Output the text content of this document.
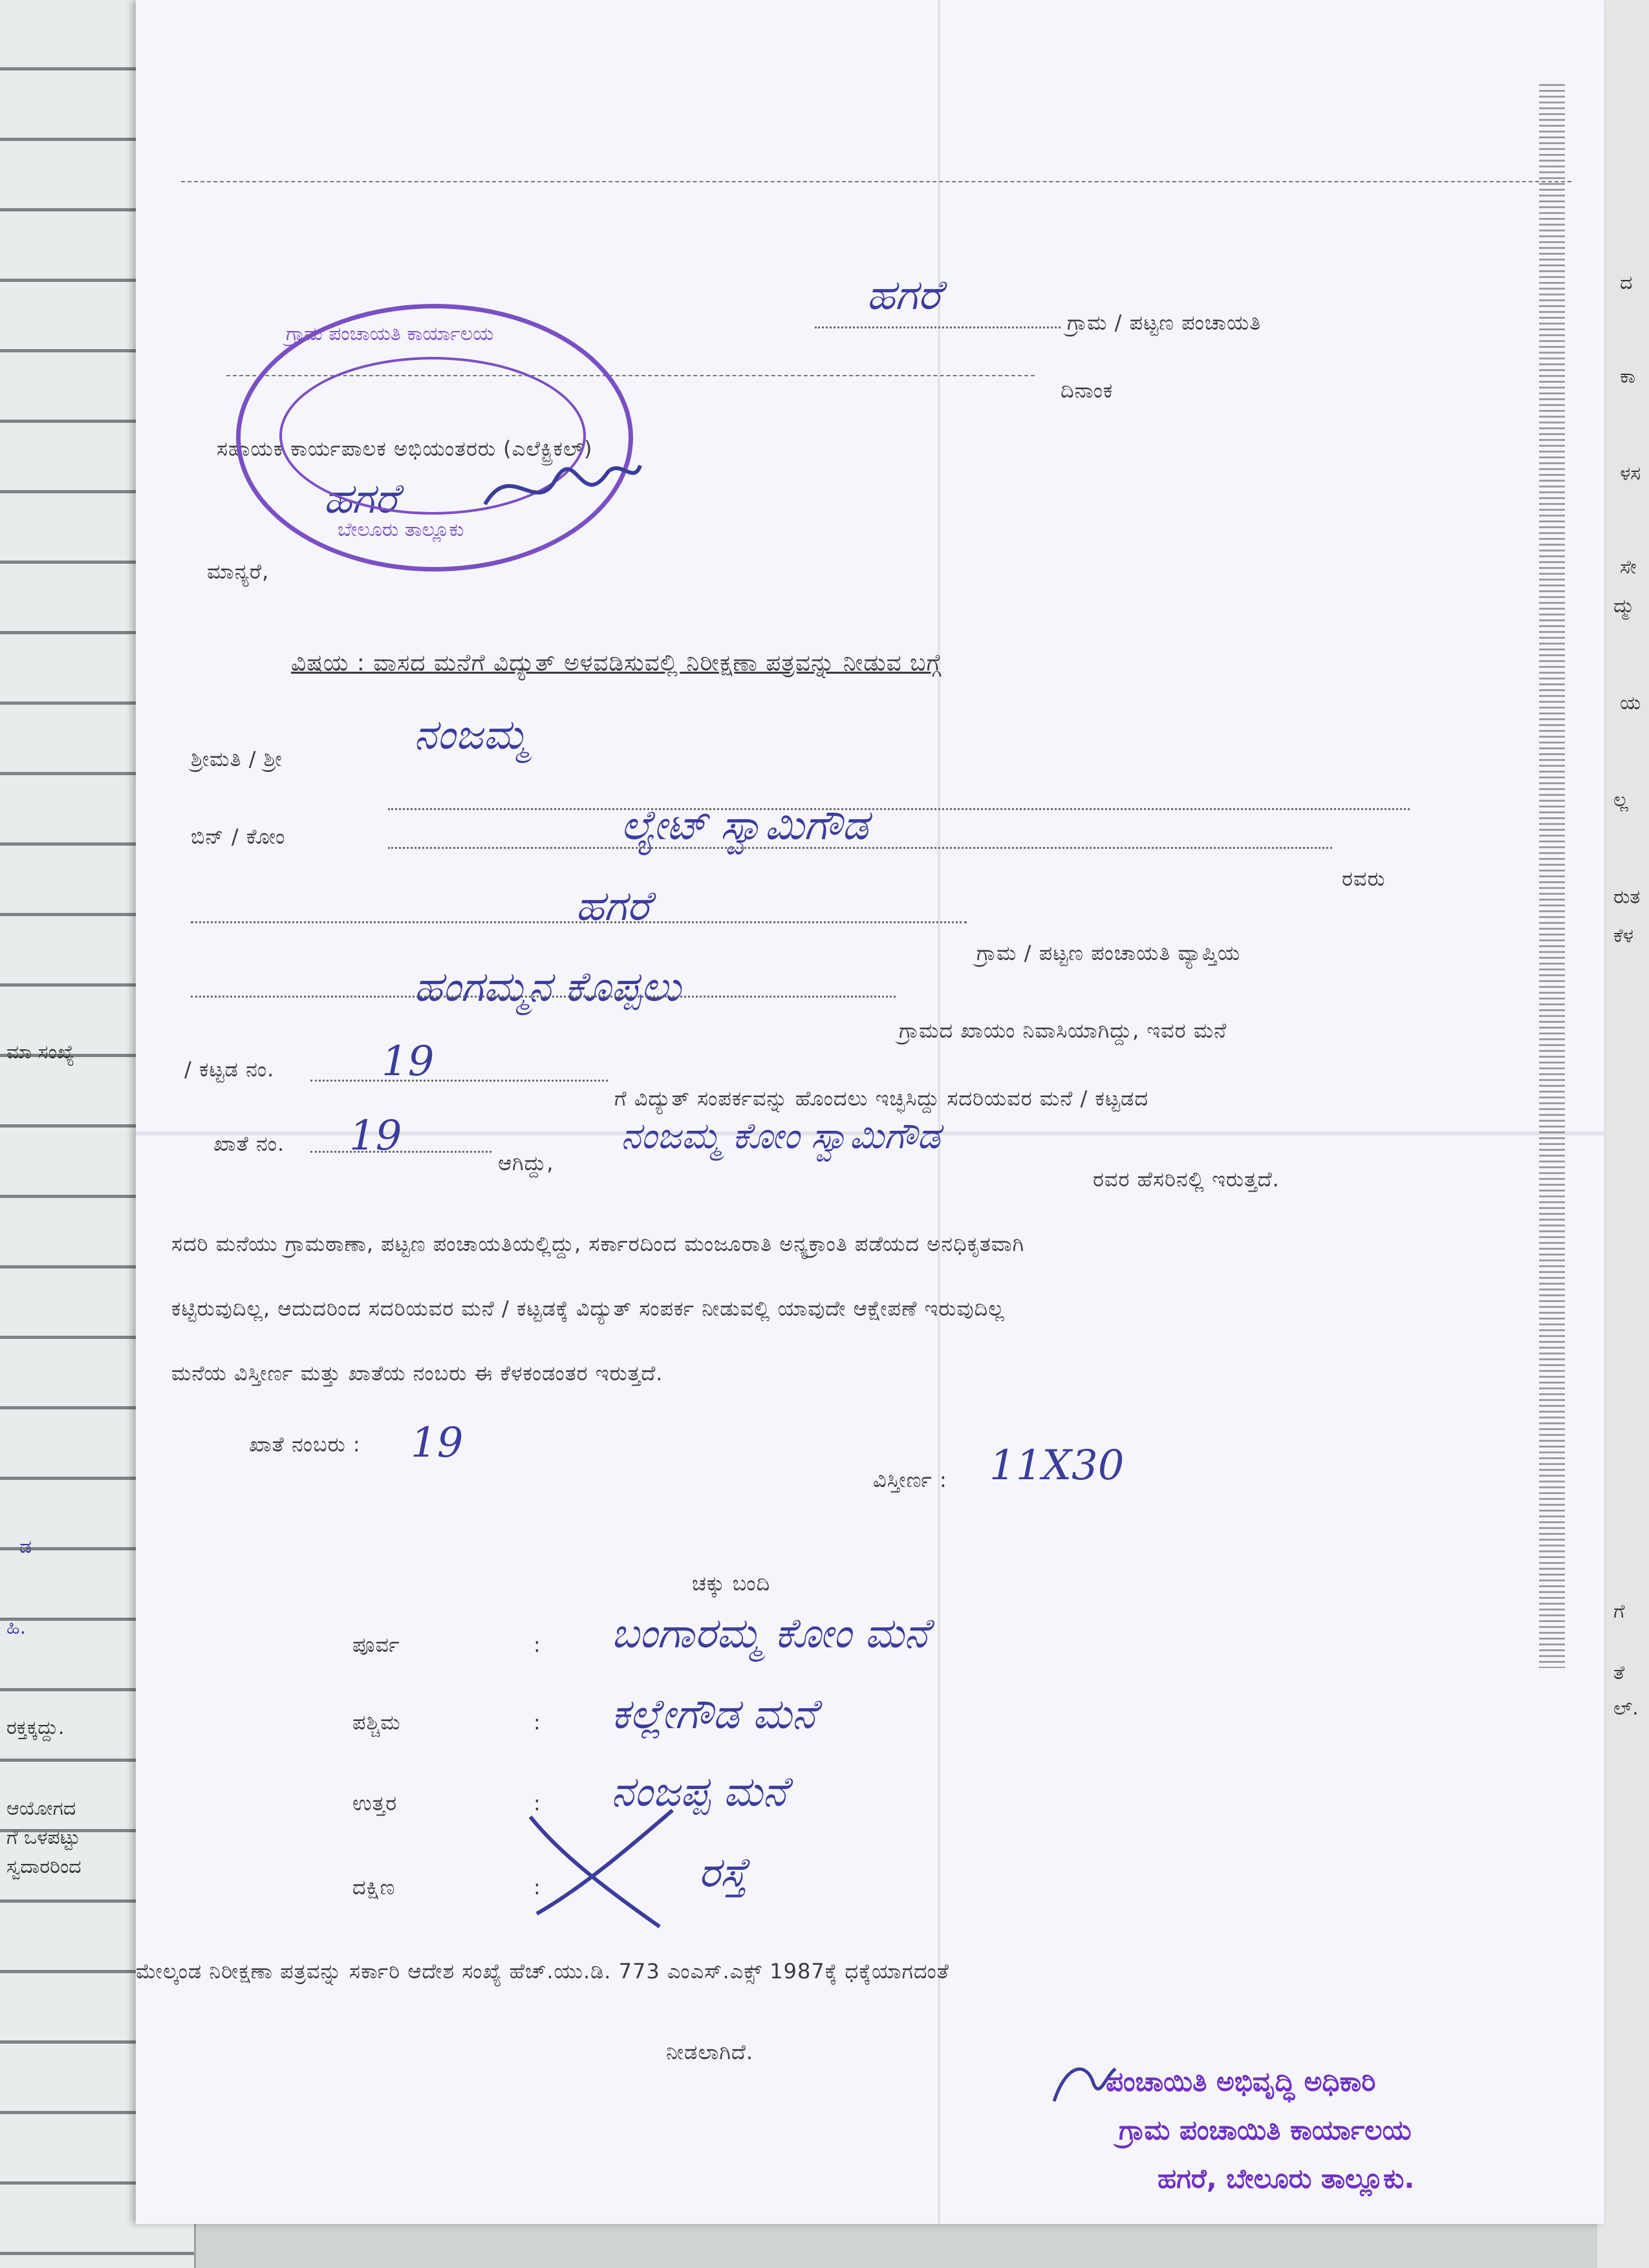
ಮಾ ಸಂಖ್ಯೆ
ರಕ್ತಕ್ಕದ್ದು.
ಆಯೋಗದ
ಗೆ ಒಳಪಟ್ಟು
ಸ್ವದಾರರಿಂದ
ಹಿ.
ಡ
ದ
ಕಾ
ಳಸ
ಸೇ
ದ್ಮು
ಯ
ಲ್ಲ
ರುತ
ಕೆಳ
ಗೆ
ತೆ
ಲ್.
ಹಗರೆ
ಗ್ರಾಮ / ಪಟ್ಟಣ ಪಂಚಾಯತಿ
ದಿನಾಂಕ
ಸಹಾಯಕ ಕಾರ್ಯಪಾಲಕ ಅಭಿಯಂತರರು (ಎಲೆಕ್ಟ್ರಿಕಲ್)
ಹಗರೆ
ಮಾನ್ಯರೆ,
ಗ್ರಾಮ ಪಂಚಾಯತಿ ಕಾರ್ಯಾಲಯ
ಬೇಲೂರು ತಾಲ್ಲೂಕು
ವಿಷಯ : ವಾಸದ ಮನೆಗೆ ವಿದ್ಯುತ್ ಅಳವಡಿಸುವಲ್ಲಿ ನಿರೀಕ್ಷಣಾ ಪತ್ರವನ್ನು ನೀಡುವ ಬಗ್ಗೆ
ಶ್ರೀಮತಿ / ಶ್ರೀ	ನಂಜಮ್ಮ
ಬಿನ್ / ಕೋಂ	ಲ್ಯೇಟ್ ಸ್ವಾಮಿಗೌಡ
ರವರು
ಹಗರೆ
ಗ್ರಾಮ / ಪಟ್ಟಣ ಪಂಚಾಯತಿ ವ್ಯಾಪ್ತಿಯ
ಹಂಗಮ್ಮನ ಕೊಪ್ಪಲು
ಗ್ರಾಮದ ಖಾಯಂ ನಿವಾಸಿಯಾಗಿದ್ದು, ಇವರ ಮನೆ
/ ಕಟ್ಟಡ ನಂ.	19
ಗೆ ವಿದ್ಯುತ್ ಸಂಪರ್ಕವನ್ನು ಹೊಂದಲು ಇಚ್ಛಿಸಿದ್ದು ಸದರಿಯವರ ಮನೆ / ಕಟ್ಟಡದ
ಖಾತೆ ನಂ. 19
ಆಗಿದ್ದು,
ನಂಜಮ್ಮ ಕೋಂ ಸ್ವಾಮಿಗೌಡ
ರವರ ಹೆಸರಿನಲ್ಲಿ ಇರುತ್ತದೆ.
ಸದರಿ ಮನೆಯು ಗ್ರಾಮಠಾಣಾ, ಪಟ್ಟಣ ಪಂಚಾಯತಿಯಲ್ಲಿದ್ದು, ಸರ್ಕಾರದಿಂದ ಮಂಜೂರಾತಿ ಅನ್ಯಕ್ರಾಂತಿ ಪಡೆಯದ ಅನಧಿಕೃತವಾಗಿ
ಕಟ್ಟಿರುವುದಿಲ್ಲ, ಆದುದರಿಂದ ಸದರಿಯವರ ಮನೆ / ಕಟ್ಟಡಕ್ಕೆ ವಿದ್ಯುತ್ ಸಂಪರ್ಕ ನೀಡುವಲ್ಲಿ ಯಾವುದೇ ಆಕ್ಷೇಪಣೆ ಇರುವುದಿಲ್ಲ
ಮನೆಯ ವಿಸ್ತೀರ್ಣ ಮತ್ತು ಖಾತೆಯ ನಂಬರು ಈ ಕೆಳಕಂಡಂತರ ಇರುತ್ತದೆ.
ಖಾತೆ ನಂಬರು : 19
ವಿಸ್ತೀರ್ಣ : 11X30
ಚಕ್ಕು ಬಂದಿ
ಪೂರ್ವ	: ಬಂಗಾರಮ್ಮ ಕೋಂ ಮನೆ
ಪಶ್ಚಿಮ	: ಕಲ್ಲೇಗೌಡ ಮನೆ
ಉತ್ತರ	: ನಂಜಪ್ಪ ಮನೆ
ದಕ್ಷಿಣ	:	ರಸ್ತೆ
ಮೇಲ್ಕಂಡ ನಿರೀಕ್ಷಣಾ ಪತ್ರವನ್ನು ಸರ್ಕಾರಿ ಆದೇಶ ಸಂಖ್ಯೆ ಹೆಚ್.ಯು.ಡಿ. 773 ಎಂಎಸ್.ಎಕ್ಸ್ 1987ಕ್ಕೆ ಧಕ್ಕೆಯಾಗದಂತೆ
ನೀಡಲಾಗಿದೆ.
ಪಂಚಾಯಿತಿ ಅಭಿವೃದ್ಧಿ ಅಧಿಕಾರಿ
ಗ್ರಾಮ ಪಂಚಾಯಿತಿ ಕಾರ್ಯಾಲಯ
ಹಗರೆ, ಬೇಲೂರು ತಾಲ್ಲೂಕು.
